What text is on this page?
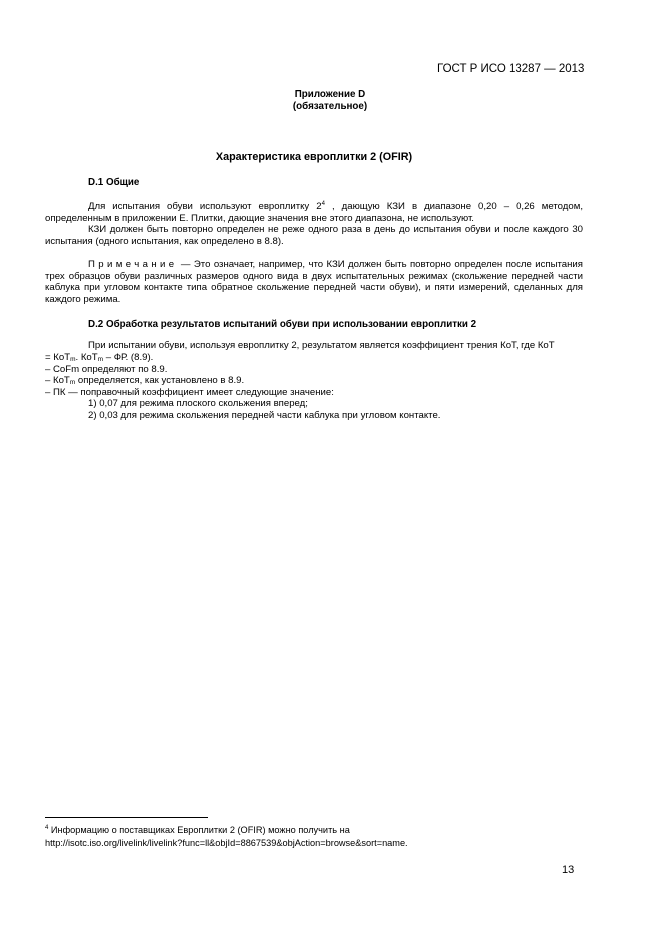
ГОСТ Р ИСО 13287 — 2013
Приложение D
(обязательное)
Характеристика европлитки 2 (OFIR)
D.1 Общие

Для испытания обуви используют европлитку $2^4$ , дающую КЗИ в диапазоне 0,20 – 0,26 методом, определенным в приложении Е. Плитки, дающие значения вне этого диапазона, не используют.

КЗИ должен быть повторно определен не реже одного раза в день до испытания обуви и после каждого 30 испытания (одного испытания, как определено в 8.8).

Примечание — Это означает, например, что КЗИ должен быть повторно определен после испытания трех образцов обуви различных размеров одного вида в двух испытательных режимах (скольжение передней части каблука при угловом контакте типа обратное скольжение передней части обуви), и пяти измерений, сделанных для каждого режима.

D.2 Обработка результатов испытаний обуви при использовании европлитки 2

При испытании обуви, используя европлитку 2, результатом является коэффициент трения КоТ, где КоТ

= КоТ$_m$. КоТ$_m$ – ФР. (8.9).
– CoFm определяют по 8.9.
– КоТ$_m$ определяется, как установлено в 8.9.
– ПК — поправочный коэффициент имеет следующие значение:
1) 0,07 для режима плоского скольжения вперед;
2) 0,03 для режима скольжения передней части каблука при угловом контакте.
$^4$ Информацию о поставщиках Европлитки 2 (OFIR) можно получить на
http://isotc.iso.org/livelink/livelink?func=ll&objId=8867539&objAction=browse&sort=name.
13
